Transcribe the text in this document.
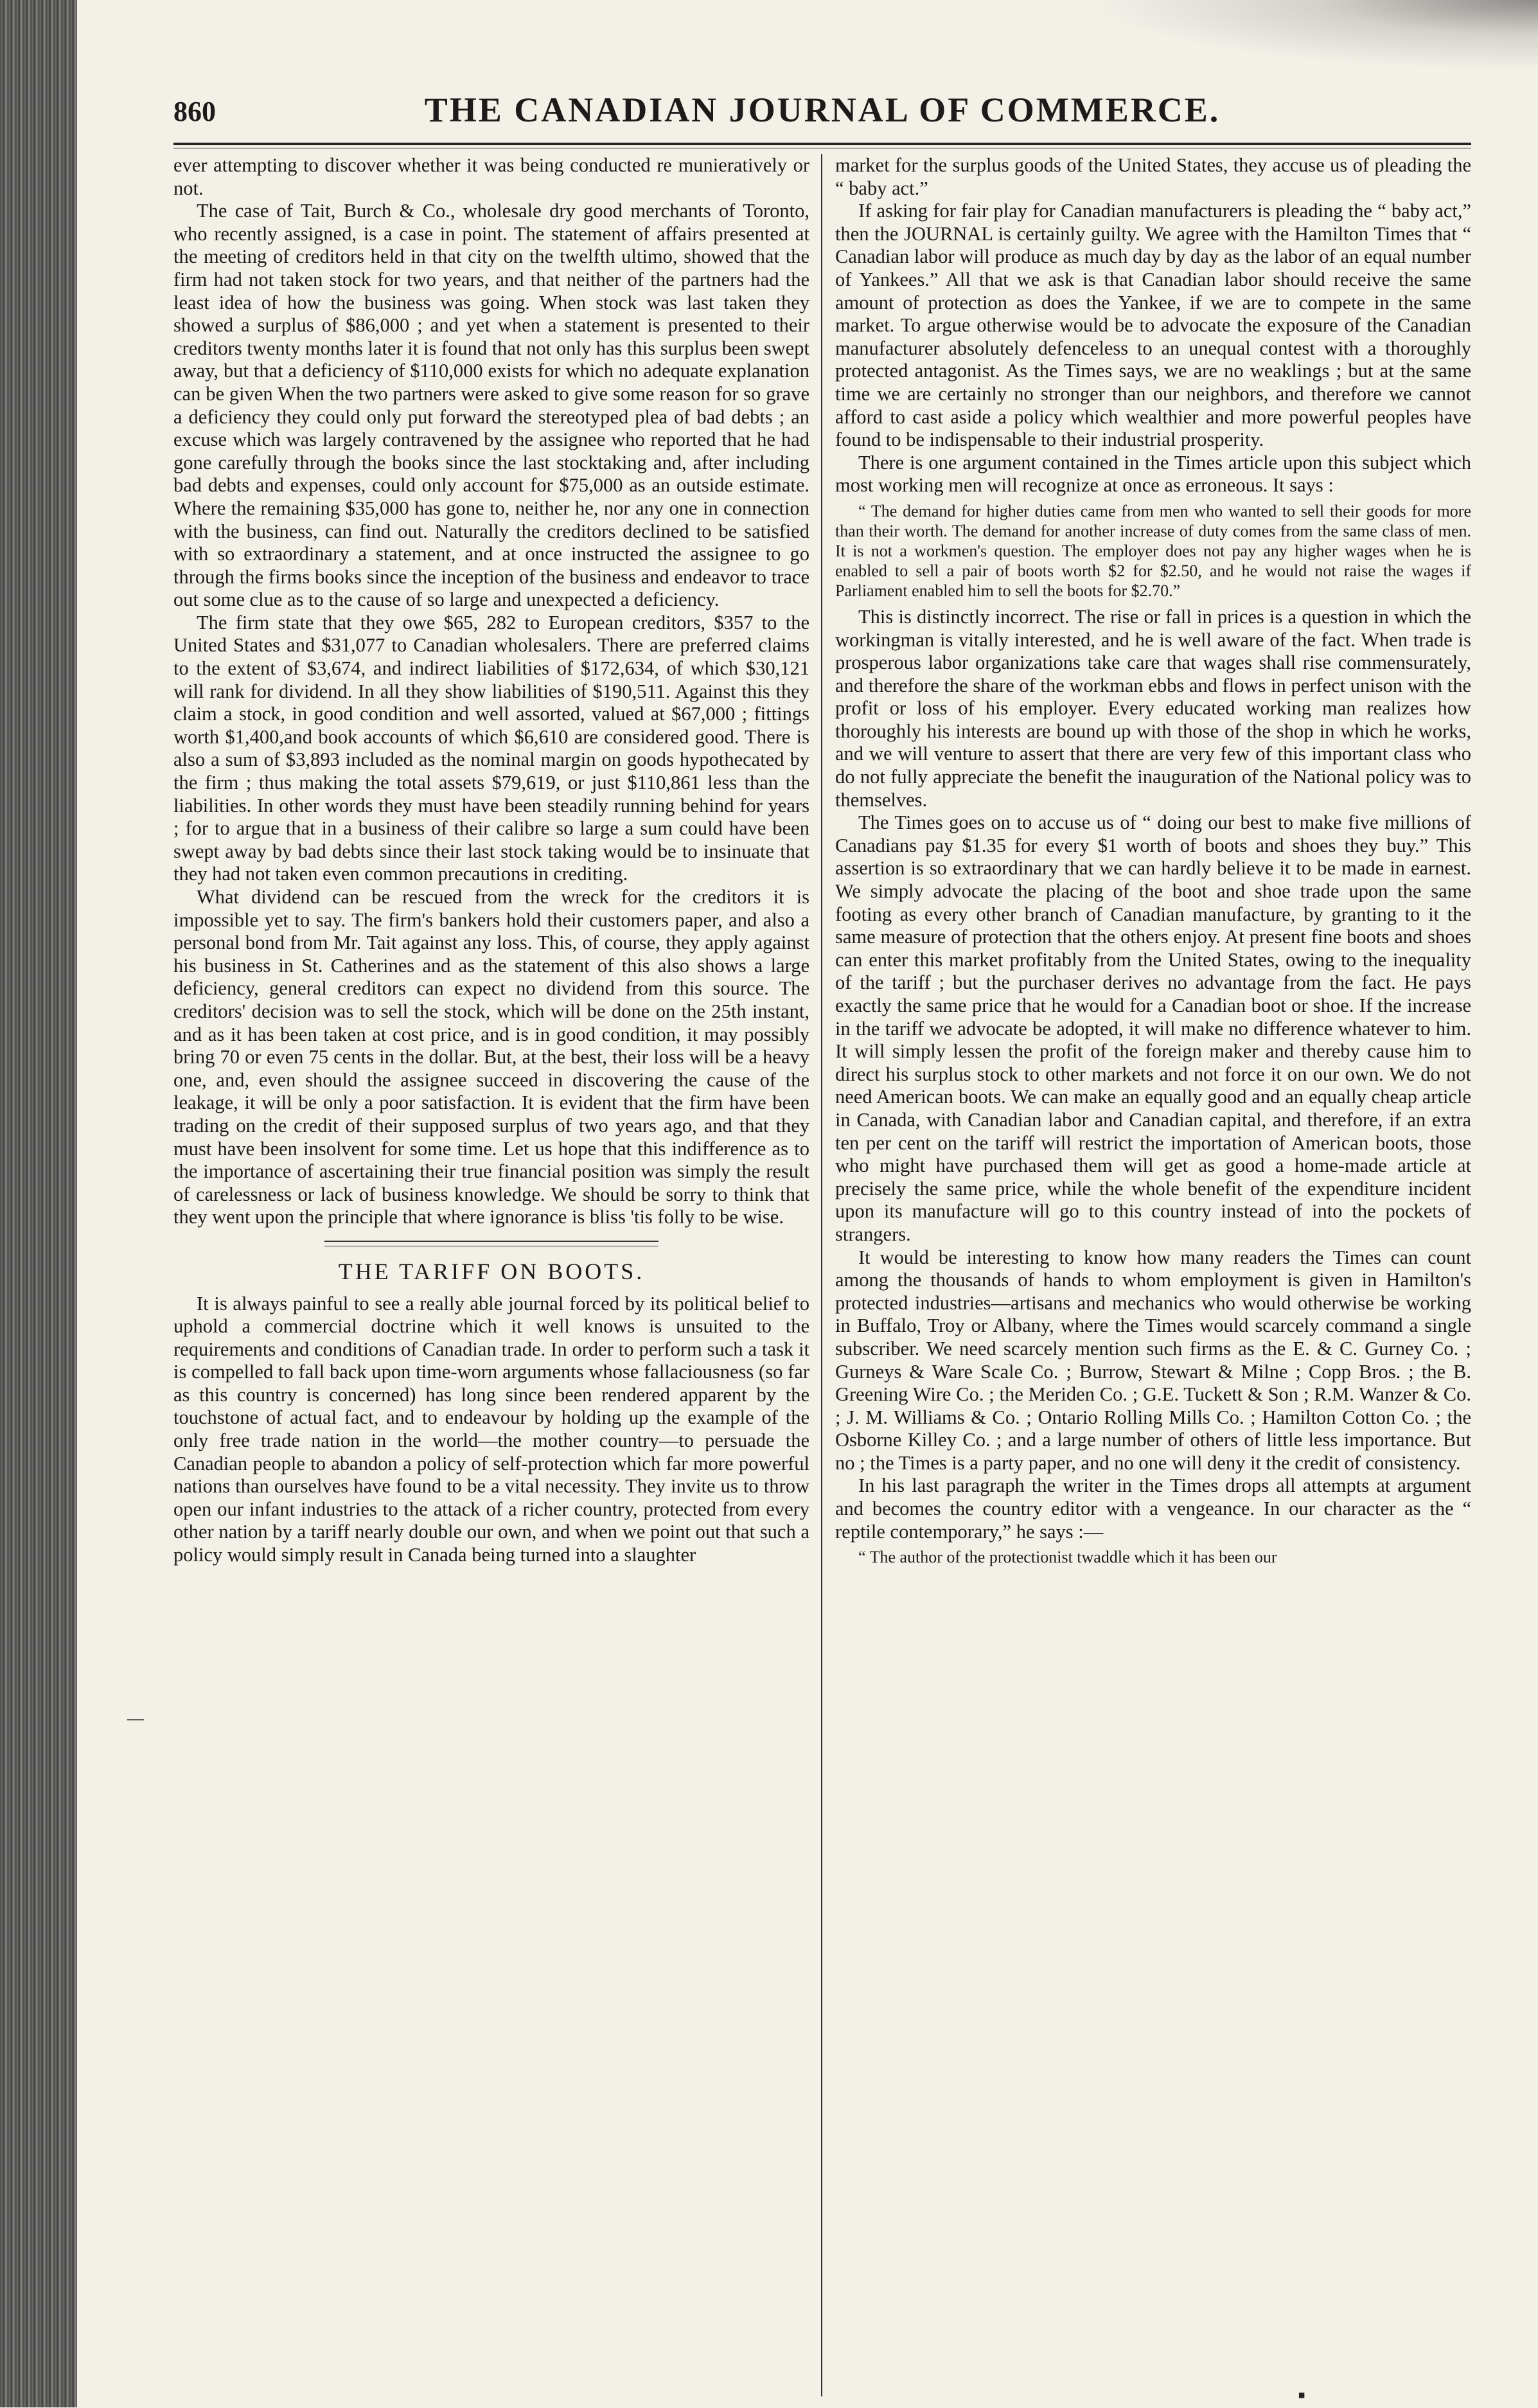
860	THE CANADIAN JOURNAL OF COMMERCE.

ever attempting to discover whether it was being conducted re munieratively or not.

The case of Tait, Burch & Co., wholesale dry good merchants of Toronto, who recently assigned, is a case in point. The statement of affairs presented at the meeting of creditors held in that city on the twelfth ultimo, showed that the firm had not taken stock for two years, and that neither of the partners had the least idea of how the business was going. When stock was last taken they showed a surplus of $86,000 ; and yet when a statement is presented to their creditors twenty months later it is found that not only has this surplus been swept away, but that a deficiency of $110,000 exists for which no adequate explanation can be given When the two partners were asked to give some reason for so grave a deficiency they could only put forward the stereotyped plea of bad debts ; an excuse which was largely contravened by the assignee who reported that he had gone carefully through the books since the last stocktaking and, after including bad debts and expenses, could only account for $75,000 as an outside estimate. Where the remaining $35,000 has gone to, neither he, nor any one in connection with the business, can find out. Naturally the creditors declined to be satisfied with so extraordinary a statement, and at once instructed the assignee to go through the firms books since the inception of the business and endeavor to trace out some clue as to the cause of so large and unexpected a deficiency.

The firm state that they owe $65, 282 to European creditors, $357 to the United States and $31,077 to Canadian wholesalers. There are preferred claims to the extent of $3,674, and indirect liabilities of $172,634, of which $30,121 will rank for dividend. In all they show liabilities of $190,511. Against this they claim a stock, in good condition and well assorted, valued at $67,000 ; fittings worth $1,400,and book accounts of which $6,610 are considered good. There is also a sum of $3,893 included as the nominal margin on goods hypothecated by the firm ; thus making the total assets $79,619, or just $110,861 less than the liabilities. In other words they must have been steadily running behind for years ; for to argue that in a business of their calibre so large a sum could have been swept away by bad debts since their last stock taking would be to insinuate that they had not taken even common precautions in crediting.

What dividend can be rescued from the wreck for the creditors it is impossible yet to say. The firm's bankers hold their customers paper, and also a personal bond from Mr. Tait against any loss. This, of course, they apply against his business in St. Catherines and as the statement of this also shows a large deficiency, general creditors can expect no dividend from this source. The creditors' decision was to sell the stock, which will be done on the 25th instant, and as it has been taken at cost price, and is in good condition, it may possibly bring 70 or even 75 cents in the dollar. But, at the best, their loss will be a heavy one, and, even should the assignee succeed in discovering the cause of the leakage, it will be only a poor satisfaction. It is evident that the firm have been trading on the credit of their supposed surplus of two years ago, and that they must have been insolvent for some time. Let us hope that this indifference as to the importance of ascertaining their true financial position was simply the result of carelessness or lack of business knowledge. We should be sorry to think that they went upon the principle that where ignorance is bliss 'tis folly to be wise.

THE TARIFF ON BOOTS.

It is always painful to see a really able journal forced by its political belief to uphold a commercial doctrine which it well knows is unsuited to the requirements and conditions of Canadian trade. In order to perform such a task it is compelled to fall back upon time-worn arguments whose fallaciousness (so far as this country is concerned) has long since been rendered apparent by the touchstone of actual fact, and to endeavour by holding up the example of the only free trade nation in the world—the mother country—to persuade the Canadian people to abandon a policy of self-protection which far more powerful nations than ourselves have found to be a vital necessity. They invite us to throw open our infant industries to the attack of a richer country, protected from every other nation by a tariff nearly double our own, and when we point out that such a policy would simply result in Canada being turned into a slaughter

market for the surplus goods of the United States, they accuse us of pleading the “ baby act.”

If asking for fair play for Canadian manufacturers is pleading the “ baby act,” then the JOURNAL is certainly guilty. We agree with the Hamilton Times that “ Canadian labor will produce as much day by day as the labor of an equal number of Yankees.” All that we ask is that Canadian labor should receive the same amount of protection as does the Yankee, if we are to compete in the same market. To argue otherwise would be to advocate the exposure of the Canadian manufacturer absolutely defenceless to an unequal contest with a thoroughly protected antagonist. As the Times says, we are no weaklings ; but at the same time we are certainly no stronger than our neighbors, and therefore we cannot afford to cast aside a policy which wealthier and more powerful peoples have found to be indispensable to their industrial prosperity.

There is one argument contained in the Times article upon this subject which most working men will recognize at once as erroneous. It says :

“ The demand for higher duties came from men who wanted to sell their goods for more than their worth. The demand for another increase of duty comes from the same class of men. It is not a workmen's question. The employer does not pay any higher wages when he is enabled to sell a pair of boots worth $2 for $2.50, and he would not raise the wages if Parliament enabled him to sell the boots for $2.70.”

This is distinctly incorrect. The rise or fall in prices is a question in which the workingman is vitally interested, and he is well aware of the fact. When trade is prosperous labor organizations take care that wages shall rise commensurately, and therefore the share of the workman ebbs and flows in perfect unison with the profit or loss of his employer. Every educated working man realizes how thoroughly his interests are bound up with those of the shop in which he works, and we will venture to assert that there are very few of this important class who do not fully appreciate the benefit the inauguration of the National policy was to themselves.

The Times goes on to accuse us of “ doing our best to make five millions of Canadians pay $1.35 for every $1 worth of boots and shoes they buy.” This assertion is so extraordinary that we can hardly believe it to be made in earnest. We simply advocate the placing of the boot and shoe trade upon the same footing as every other branch of Canadian manufacture, by granting to it the same measure of protection that the others enjoy. At present fine boots and shoes can enter this market profitably from the United States, owing to the inequality of the tariff ; but the purchaser derives no advantage from the fact. He pays exactly the same price that he would for a Canadian boot or shoe. If the increase in the tariff we advocate be adopted, it will make no difference whatever to him. It will simply lessen the profit of the foreign maker and thereby cause him to direct his surplus stock to other markets and not force it on our own. We do not need American boots. We can make an equally good and an equally cheap article in Canada, with Canadian labor and Canadian capital, and therefore, if an extra ten per cent on the tariff will restrict the importation of American boots, those who might have purchased them will get as good a home-made article at precisely the same price, while the whole benefit of the expenditure incident upon its manufacture will go to this country instead of into the pockets of strangers.

It would be interesting to know how many readers the Times can count among the thousands of hands to whom employment is given in Hamilton's protected industries—artisans and mechanics who would otherwise be working in Buffalo, Troy or Albany, where the Times would scarcely command a single subscriber. We need scarcely mention such firms as the E. & C. Gurney Co. ; Gurneys & Ware Scale Co. ; Burrow, Stewart & Milne ; Copp Bros. ; the B. Greening Wire Co. ; the Meriden Co. ; G.E. Tuckett & Son ; R.M. Wanzer & Co. ; J. M. Williams & Co. ; Ontario Rolling Mills Co. ; Hamilton Cotton Co. ; the Osborne Killey Co. ; and a large number of others of little less importance. But no ; the Times is a party paper, and no one will deny it the credit of consistency.

In his last paragraph the writer in the Times drops all attempts at argument and becomes the country editor with a vengeance. In our character as the “ reptile contemporary,” he says :—

“ The author of the protectionist twaddle which it has been our

—
▪
